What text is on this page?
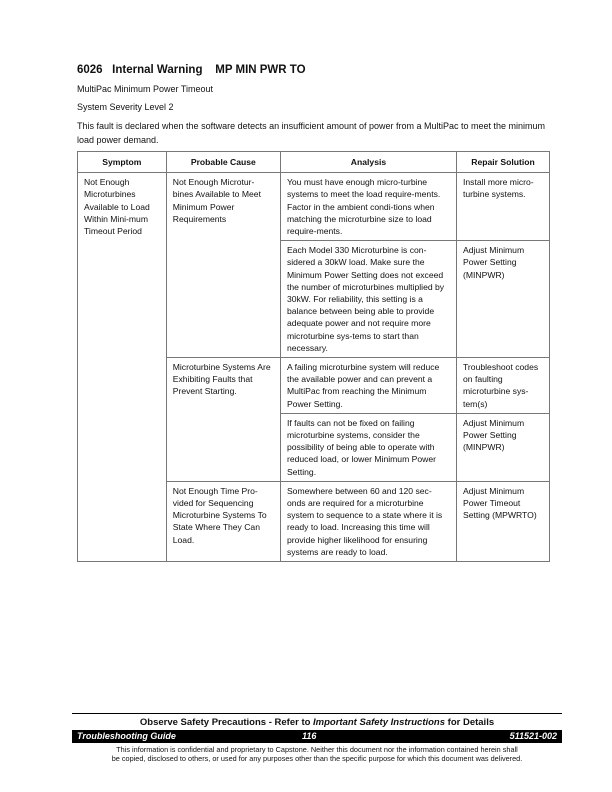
6026   Internal Warning    MP MIN PWR TO
MultiPac Minimum Power Timeout
System Severity Level 2
This fault is declared when the software detects an insufficient amount of power from a MultiPac to meet the minimum load power demand.
Symptom	Probable Cause	Analysis	Repair Solution
Not Enough Microturbines Available to Load Within Mini-mum Timeout Period	Not Enough Microtur-bines Available to Meet Minimum Power Requirements	You must have enough micro-turbine systems to meet the load require-ments. Factor in the ambient condi-tions when matching the microturbine size to load require-ments.	Install more micro-turbine systems.
		Each Model 330 Microturbine is con-sidered a 30kW load. Make sure the Minimum Power Setting does not exceed the number of microturbines multiplied by 30kW. For reliability, this setting is a balance between being able to provide adequate power and not require more microturbine sys-tems to start than necessary.	Adjust Minimum Power Setting (MINPWR)
	Microturbine Systems Are Exhibiting Faults that Prevent Starting.	A failing microturbine system will reduce the available power and can prevent a MultiPac from reaching the Minimum Power Setting.	Troubleshoot codes on faulting microturbine sys-tem(s)
		If faults can not be fixed on failing microturbine systems, consider the possibility of being able to operate with reduced load, or lower Minimum Power Setting.	Adjust Minimum Power Setting (MINPWR)
	Not Enough Time Pro-vided for Sequencing Microturbine Systems To State Where They Can Load.	Somewhere between 60 and 120 sec-onds are required for a microturbine system to sequence to a state where it is ready to load. Increasing this time will provide higher likelihood for ensuring systems are ready to load.	Adjust Minimum Power Timeout Setting (MPWRTO)
Observe Safety Precautions - Refer to Important Safety Instructions for Details
Troubleshooting Guide	116	511521-002
This information is confidential and proprietary to Capstone. Neither this document nor the information contained herein shall
be copied, disclosed to others, or used for any purposes other than the specific purpose for which this document was delivered.
